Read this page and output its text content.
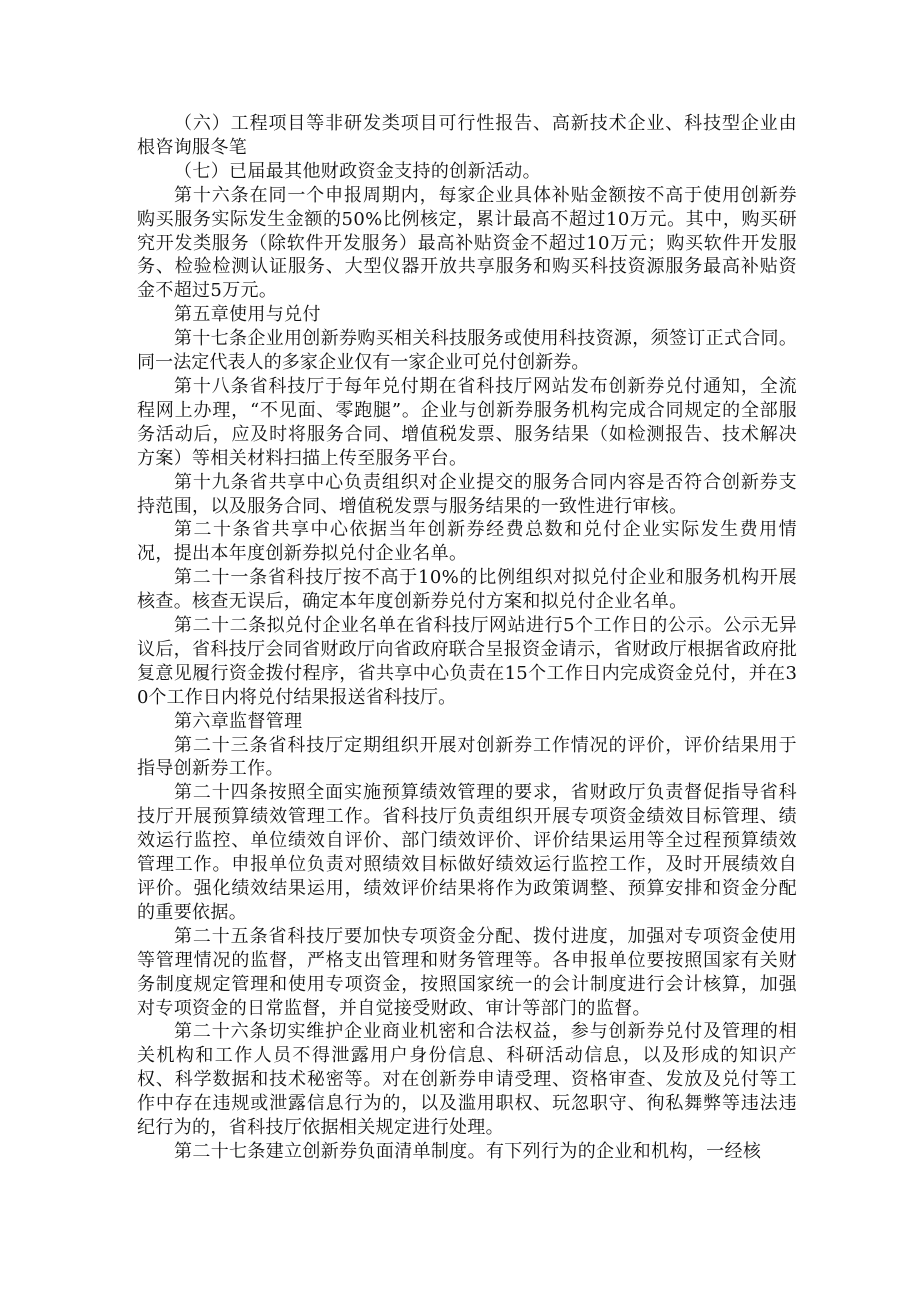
（六）工程项目等非研发类项目可行性报告、高新技术企业、科技型企业由根咨询服冬笔

（七）已届最其他财政资金支持的创新活动。

第十六条在同一个申报周期内，每家企业具体补贴金额按不高于使用创新券购买服务实际发生金额的50%比例核定，累计最高不超过10万元。其中，购买研究开发类服务（除软件开发服务）最高补贴资金不超过10万元；购买软件开发服务、检验检测认证服务、大型仪器开放共享服务和购买科技资源服务最高补贴资金不超过5万元。

第五章使用与兑付

第十七条企业用创新券购买相关科技服务或使用科技资源，须签订正式合同。同一法定代表人的多家企业仅有一家企业可兑付创新券。

第十八条省科技厅于每年兑付期在省科技厅网站发布创新券兑付通知，全流程网上办理，“不见面、零跑腿”。企业与创新券服务机构完成合同规定的全部服务活动后，应及时将服务合同、增值税发票、服务结果（如检测报告、技术解决方案）等相关材料扫描上传至服务平台。

第十九条省共享中心负责组织对企业提交的服务合同内容是否符合创新券支持范围，以及服务合同、增值税发票与服务结果的一致性进行审核。

第二十条省共享中心依据当年创新券经费总数和兑付企业实际发生费用情况，提出本年度创新券拟兑付企业名单。

第二十一条省科技厅按不高于10%的比例组织对拟兑付企业和服务机构开展核查。核查无误后，确定本年度创新券兑付方案和拟兑付企业名单。

第二十二条拟兑付企业名单在省科技厅网站进行5个工作日的公示。公示无异议后，省科技厅会同省财政厅向省政府联合呈报资金请示，省财政厅根据省政府批复意见履行资金拨付程序，省共享中心负责在15个工作日内完成资金兑付，并在30个工作日内将兑付结果报送省科技厅。

第六章监督管理

第二十三条省科技厅定期组织开展对创新券工作情况的评价，评价结果用于指导创新券工作。

第二十四条按照全面实施预算绩效管理的要求，省财政厅负责督促指导省科技厅开展预算绩效管理工作。省科技厅负责组织开展专项资金绩效目标管理、绩效运行监控、单位绩效自评价、部门绩效评价、评价结果运用等全过程预算绩效管理工作。申报单位负责对照绩效目标做好绩效运行监控工作，及时开展绩效自评价。强化绩效结果运用，绩效评价结果将作为政策调整、预算安排和资金分配的重要依据。

第二十五条省科技厅要加快专项资金分配、拨付进度，加强对专项资金使用等管理情况的监督，严格支出管理和财务管理等。各申报单位要按照国家有关财务制度规定管理和使用专项资金，按照国家统一的会计制度进行会计核算，加强对专项资金的日常监督，并自觉接受财政、审计等部门的监督。

第二十六条切实维护企业商业机密和合法权益，参与创新券兑付及管理的相关机构和工作人员不得泄露用户身份信息、科研活动信息，以及形成的知识产权、科学数据和技术秘密等。对在创新券申请受理、资格审查、发放及兑付等工作中存在违规或泄露信息行为的，以及滥用职权、玩忽职守、徇私舞弊等违法违纪行为的，省科技厅依据相关规定进行处理。

第二十七条建立创新券负面清单制度。有下列行为的企业和机构，一经核
